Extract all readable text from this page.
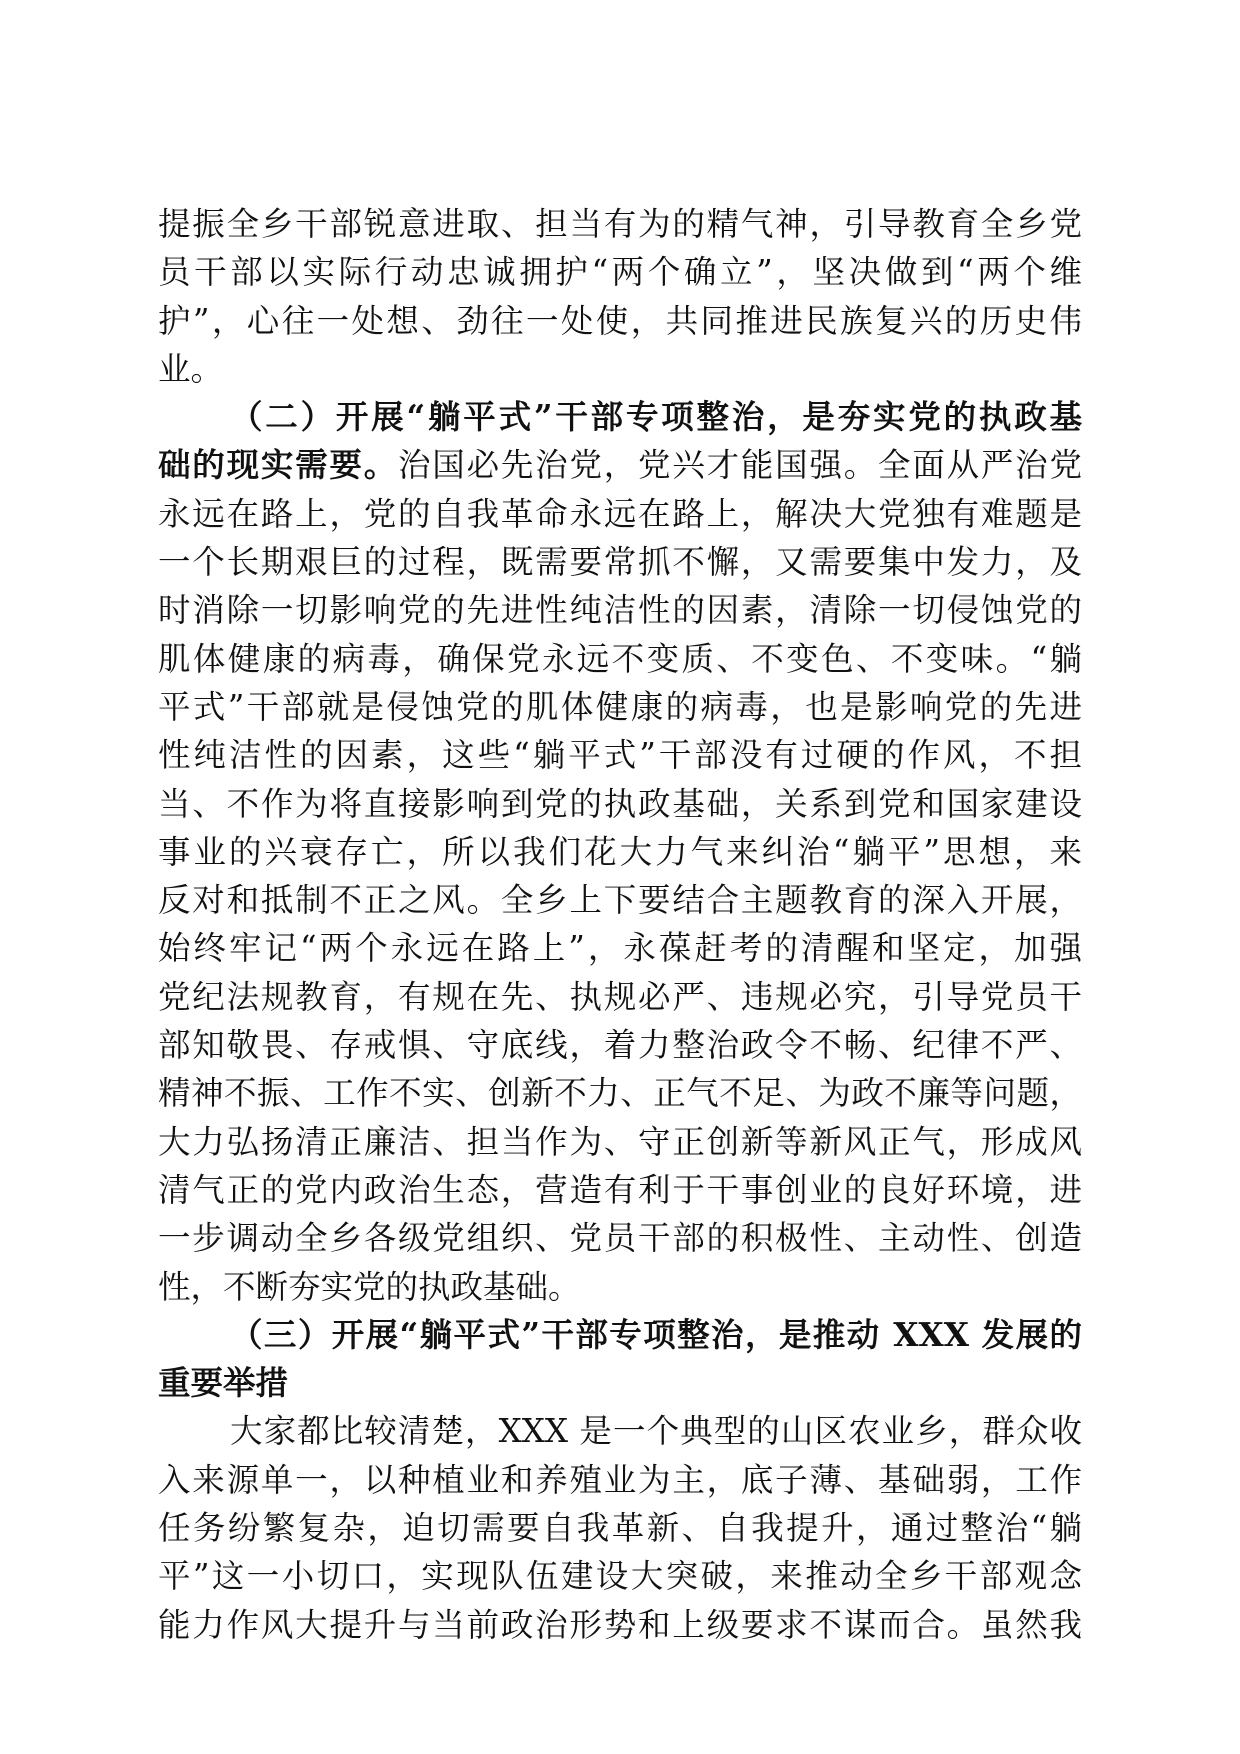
提振全乡干部锐意进取、担当有为的精气神，引导教育全乡党
员干部以实际行动忠诚拥护“两个确立”，坚决做到“两个维
护”，心往一处想、劲往一处使，共同推进民族复兴的历史伟
业。
（二）开展“躺平式”干部专项整治，是夯实党的执政基
础的现实需要。治国必先治党，党兴才能国强。全面从严治党
永远在路上，党的自我革命永远在路上，解决大党独有难题是
一个长期艰巨的过程，既需要常抓不懈，又需要集中发力，及
时消除一切影响党的先进性纯洁性的因素，清除一切侵蚀党的
肌体健康的病毒，确保党永远不变质、不变色、不变味。“躺
平式”干部就是侵蚀党的肌体健康的病毒，也是影响党的先进
性纯洁性的因素，这些“躺平式”干部没有过硬的作风，不担
当、不作为将直接影响到党的执政基础，关系到党和国家建设
事业的兴衰存亡，所以我们花大力气来纠治“躺平”思想，来
反对和抵制不正之风。全乡上下要结合主题教育的深入开展，
始终牢记“两个永远在路上”，永葆赶考的清醒和坚定，加强
党纪法规教育，有规在先、执规必严、违规必究，引导党员干
部知敬畏、存戒惧、守底线，着力整治政令不畅、纪律不严、
精神不振、工作不实、创新不力、正气不足、为政不廉等问题，
大力弘扬清正廉洁、担当作为、守正创新等新风正气，形成风
清气正的党内政治生态，营造有利于干事创业的良好环境，进
一步调动全乡各级党组织、党员干部的积极性、主动性、创造
性，不断夯实党的执政基础。
（三）开展“躺平式”干部专项整治，是推动 XXX 发展的
重要举措
大家都比较清楚，XXX 是一个典型的山区农业乡，群众收
入来源单一，以种植业和养殖业为主，底子薄、基础弱，工作
任务纷繁复杂，迫切需要自我革新、自我提升，通过整治“躺
平”这一小切口，实现队伍建设大突破，来推动全乡干部观念
能力作风大提升与当前政治形势和上级要求不谋而合。虽然我
